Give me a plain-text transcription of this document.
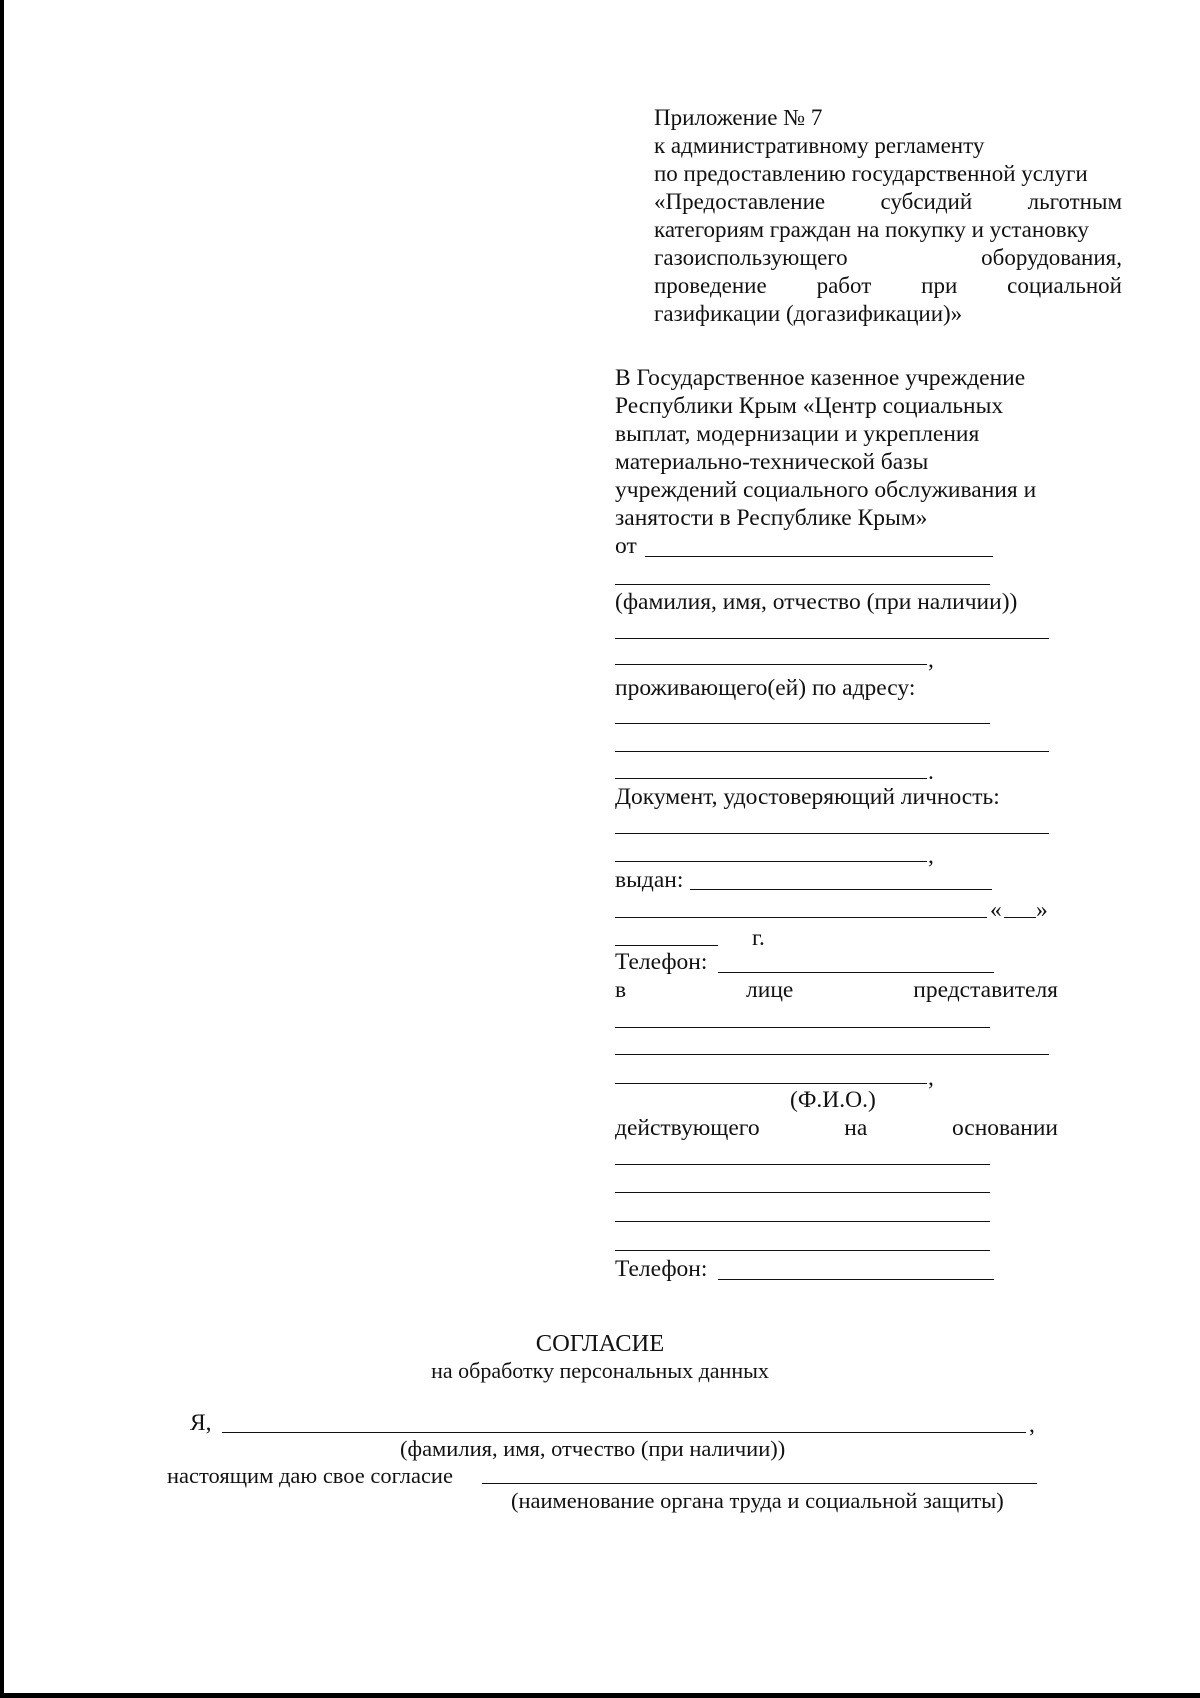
Приложение № 7
к административному регламенту
по предоставлению государственной услуги
«Предоставление субсидий льготным
категориям граждан на покупку и установку
газоиспользующего оборудования,
проведение работ при социальной
газификации (догазификации)»
В Государственное казенное учреждение
Республики Крым «Центр социальных
выплат, модернизации и укрепления
материально-технической базы
учреждений социального обслуживания и
занятости в Республике Крым»
от
(фамилия, имя, отчество (при наличии))
,
проживающего(ей) по адресу:
.
Документ, удостоверяющий личность:
,
выдан:
« »
г.
Телефон:
в	лице	представителя
,
(Ф.И.О.)
действующего	на	основании
Телефон:
СОГЛАСИЕ
на обработку персональных данных
Я,	,
(фамилия, имя, отчество (при наличии))
настоящим даю свое согласие
(наименование органа труда и социальной защиты)
